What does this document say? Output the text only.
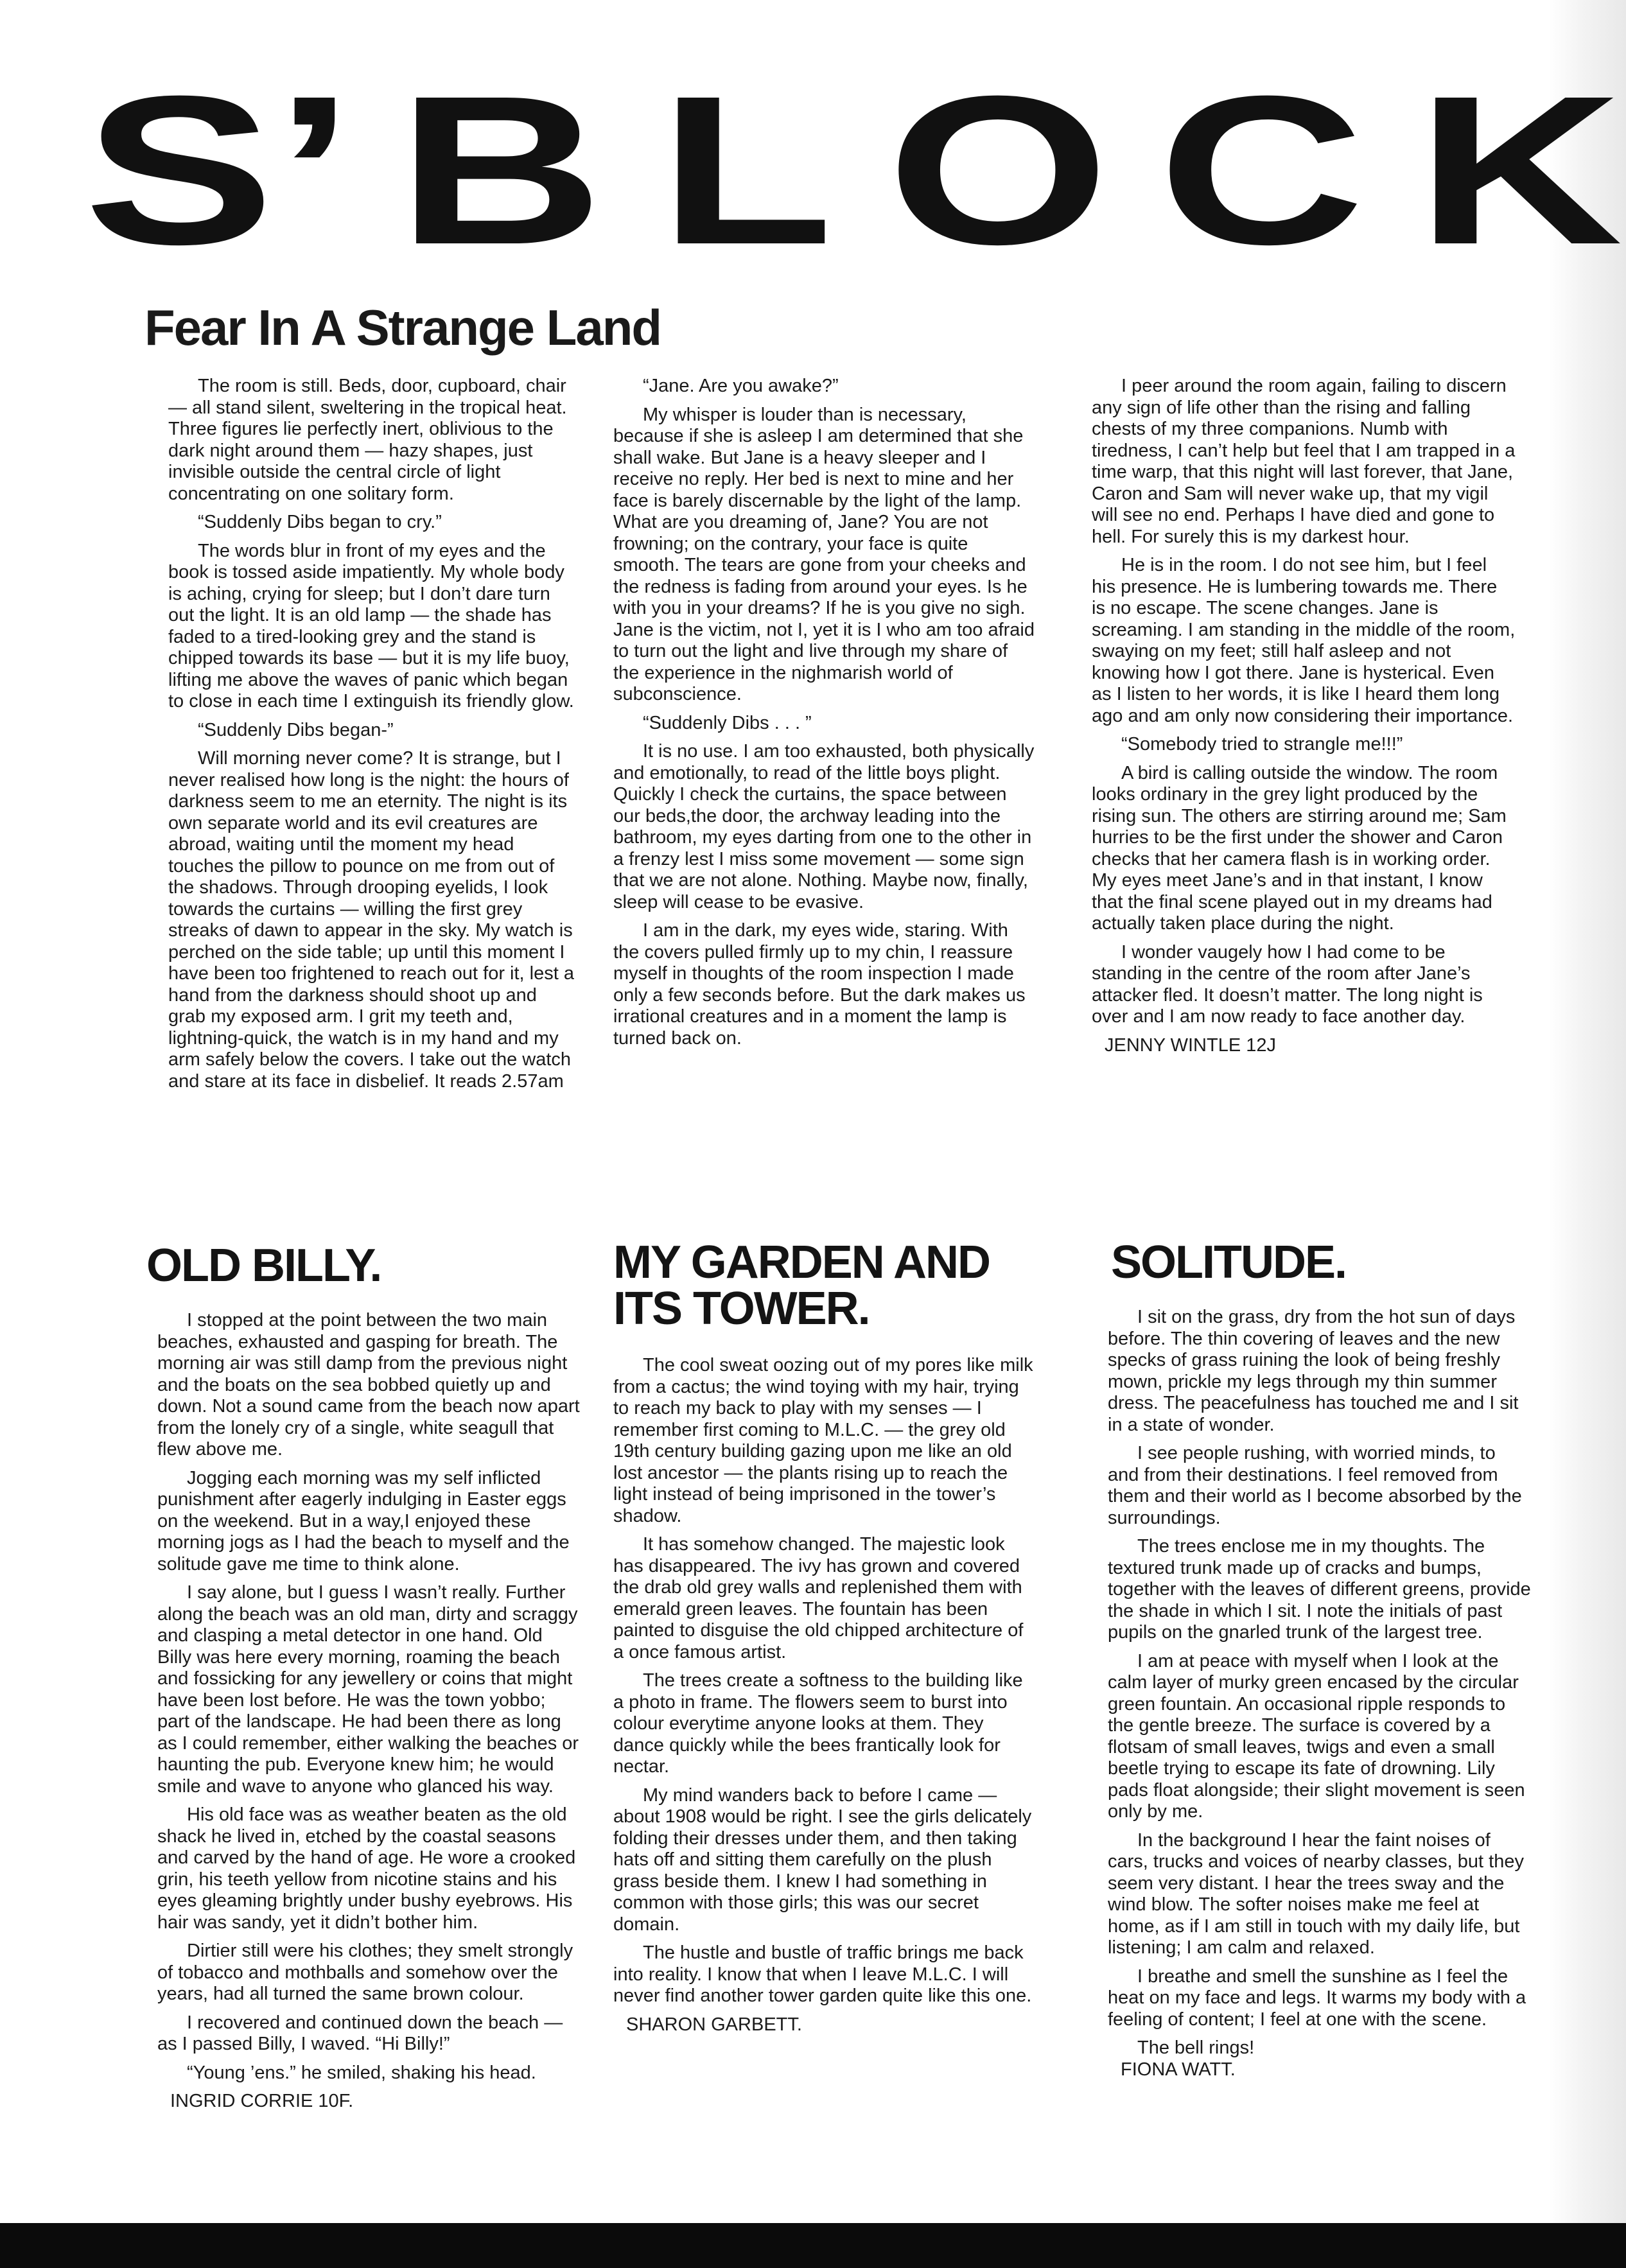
S’ B L O C K
Fear In A Strange Land

The room is still. Beds, door, cupboard, chair — all stand silent, sweltering in the tropical heat. Three figures lie perfectly inert, oblivious to the dark night around them — hazy shapes, just invisible outside the central circle of light concentrating on one solitary form.

“Suddenly Dibs began to cry.”

The words blur in front of my eyes and the book is tossed aside impatiently. My whole body is aching, crying for sleep; but I don’t dare turn out the light. It is an old lamp — the shade has faded to a tired-looking grey and the stand is chipped towards its base — but it is my life buoy, lifting me above the waves of panic which began to close in each time I extinguish its friendly glow.

“Suddenly Dibs began-”

Will morning never come? It is strange, but I never realised how long is the night: the hours of darkness seem to me an eternity. The night is its own separate world and its evil creatures are abroad, waiting until the moment my head touches the pillow to pounce on me from out of the shadows. Through drooping eyelids, I look towards the curtains — willing the first grey streaks of dawn to appear in the sky. My watch is perched on the side table; up until this moment I have been too frightened to reach out for it, lest a hand from the darkness should shoot up and grab my exposed arm. I grit my teeth and, lightning-quick, the watch is in my hand and my arm safely below the covers. I take out the watch and stare at its face in disbelief. It reads 2.57am

“Jane. Are you awake?”

My whisper is louder than is necessary, because if she is asleep I am determined that she shall wake. But Jane is a heavy sleeper and I receive no reply. Her bed is next to mine and her face is barely discernable by the light of the lamp. What are you dreaming of, Jane? You are not frowning; on the contrary, your face is quite smooth. The tears are gone from your cheeks and the redness is fading from around your eyes. Is he with you in your dreams? If he is you give no sigh. Jane is the victim, not I, yet it is I who am too afraid to turn out the light and live through my share of the experience in the nighmarish world of subconscience.

“Suddenly Dibs . . . ”

It is no use. I am too exhausted, both physically and emotionally, to read of the little boys plight. Quickly I check the curtains, the space between our beds,the door, the archway leading into the bathroom, my eyes darting from one to the other in a frenzy lest I miss some movement — some sign that we are not alone. Nothing. Maybe now, finally, sleep will cease to be evasive.

I am in the dark, my eyes wide, staring. With the covers pulled firmly up to my chin, I reassure myself in thoughts of the room inspection I made only a few seconds before. But the dark makes us irrational creatures and in a moment the lamp is turned back on.

I peer around the room again, failing to discern any sign of life other than the rising and falling chests of my three companions. Numb with tiredness, I can’t help but feel that I am trapped in a time warp, that this night will last forever, that Jane, Caron and Sam will never wake up, that my vigil will see no end. Perhaps I have died and gone to hell. For surely this is my darkest hour.

He is in the room. I do not see him, but I feel his presence. He is lumbering towards me. There is no escape. The scene changes. Jane is screaming. I am standing in the middle of the room, swaying on my feet; still half asleep and not knowing how I got there. Jane is hysterical. Even as I listen to her words, it is like I heard them long ago and am only now considering their importance.

“Somebody tried to strangle me!!!”

A bird is calling outside the window. The room looks ordinary in the grey light produced by the rising sun. The others are stirring around me; Sam hurries to be the first under the shower and Caron checks that her camera flash is in working order. My eyes meet Jane’s and in that instant, I know that the final scene played out in my dreams had actually taken place during the night.

I wonder vaugely how I had come to be standing in the centre of the room after Jane’s attacker fled. It doesn’t matter. The long night is over and I am now ready to face another day.

JENNY WINTLE 12J

OLD BILLY.

I stopped at the point between the two main beaches, exhausted and gasping for breath. The morning air was still damp from the previous night and the boats on the sea bobbed quietly up and down. Not a sound came from the beach now apart from the lonely cry of a single, white seagull that flew above me.

Jogging each morning was my self inflicted punishment after eagerly indulging in Easter eggs on the weekend. But in a way,I enjoyed these morning jogs as I had the beach to myself and the solitude gave me time to think alone.

I say alone, but I guess I wasn’t really. Further along the beach was an old man, dirty and scraggy and clasping a metal detector in one hand. Old Billy was here every morning, roaming the beach and fossicking for any jewellery or coins that might have been lost before. He was the town yobbo; part of the landscape. He had been there as long as I could remember, either walking the beaches or haunting the pub. Everyone knew him; he would smile and wave to anyone who glanced his way.

His old face was as weather beaten as the old shack he lived in, etched by the coastal seasons and carved by the hand of age. He wore a crooked grin, his teeth yellow from nicotine stains and his eyes gleaming brightly under bushy eyebrows. His hair was sandy, yet it didn’t bother him.

Dirtier still were his clothes; they smelt strongly of tobacco and mothballs and somehow over the years, had all turned the same brown colour.

I recovered and continued down the beach — as I passed Billy, I waved. “Hi Billy!”

“Young ’ens.” he smiled, shaking his head.

INGRID CORRIE 10F.

MY GARDEN AND
ITS TOWER.

The cool sweat oozing out of my pores like milk from a cactus; the wind toying with my hair, trying to reach my back to play with my senses — I remember first coming to M.L.C. — the grey old 19th century building gazing upon me like an old lost ancestor — the plants rising up to reach the light instead of being imprisoned in the tower’s shadow.

It has somehow changed. The majestic look has disappeared. The ivy has grown and covered the drab old grey walls and replenished them with emerald green leaves. The fountain has been painted to disguise the old chipped architecture of a once famous artist.

The trees create a softness to the building like a photo in frame. The flowers seem to burst into colour everytime anyone looks at them. They dance quickly while the bees frantically look for nectar.

My mind wanders back to before I came — about 1908 would be right. I see the girls delicately folding their dresses under them, and then taking hats off and sitting them carefully on the plush grass beside them. I knew I had something in common with those girls; this was our secret domain.

The hustle and bustle of traffic brings me back into reality. I know that when I leave M.L.C. I will never find another tower garden quite like this one.

SHARON GARBETT.

SOLITUDE.

I sit on the grass, dry from the hot sun of days before. The thin covering of leaves and the new specks of grass ruining the look of being freshly mown, prickle my legs through my thin summer dress. The peacefulness has touched me and I sit in a state of wonder.

I see people rushing, with worried minds, to and from their destinations. I feel removed from them and their world as I become absorbed by the surroundings.

The trees enclose me in my thoughts. The textured trunk made up of cracks and bumps, together with the leaves of different greens, provide the shade in which I sit. I note the initials of past pupils on the gnarled trunk of the largest tree.

I am at peace with myself when I look at the calm layer of murky green encased by the circular green fountain. An occasional ripple responds to the gentle breeze. The surface is covered by a flotsam of small leaves, twigs and even a small beetle trying to escape its fate of drowning. Lily pads float alongside; their slight movement is seen only by me.

In the background I hear the faint noises of cars, trucks and voices of nearby classes, but they seem very distant. I hear the trees sway and the wind blow. The softer noises make me feel at home, as if I am still in touch with my daily life, but listening; I am calm and relaxed.

I breathe and smell the sunshine as I feel the heat on my face and legs. It warms my body with a feeling of content; I feel at one with the scene.

The bell rings!

FIONA WATT.
